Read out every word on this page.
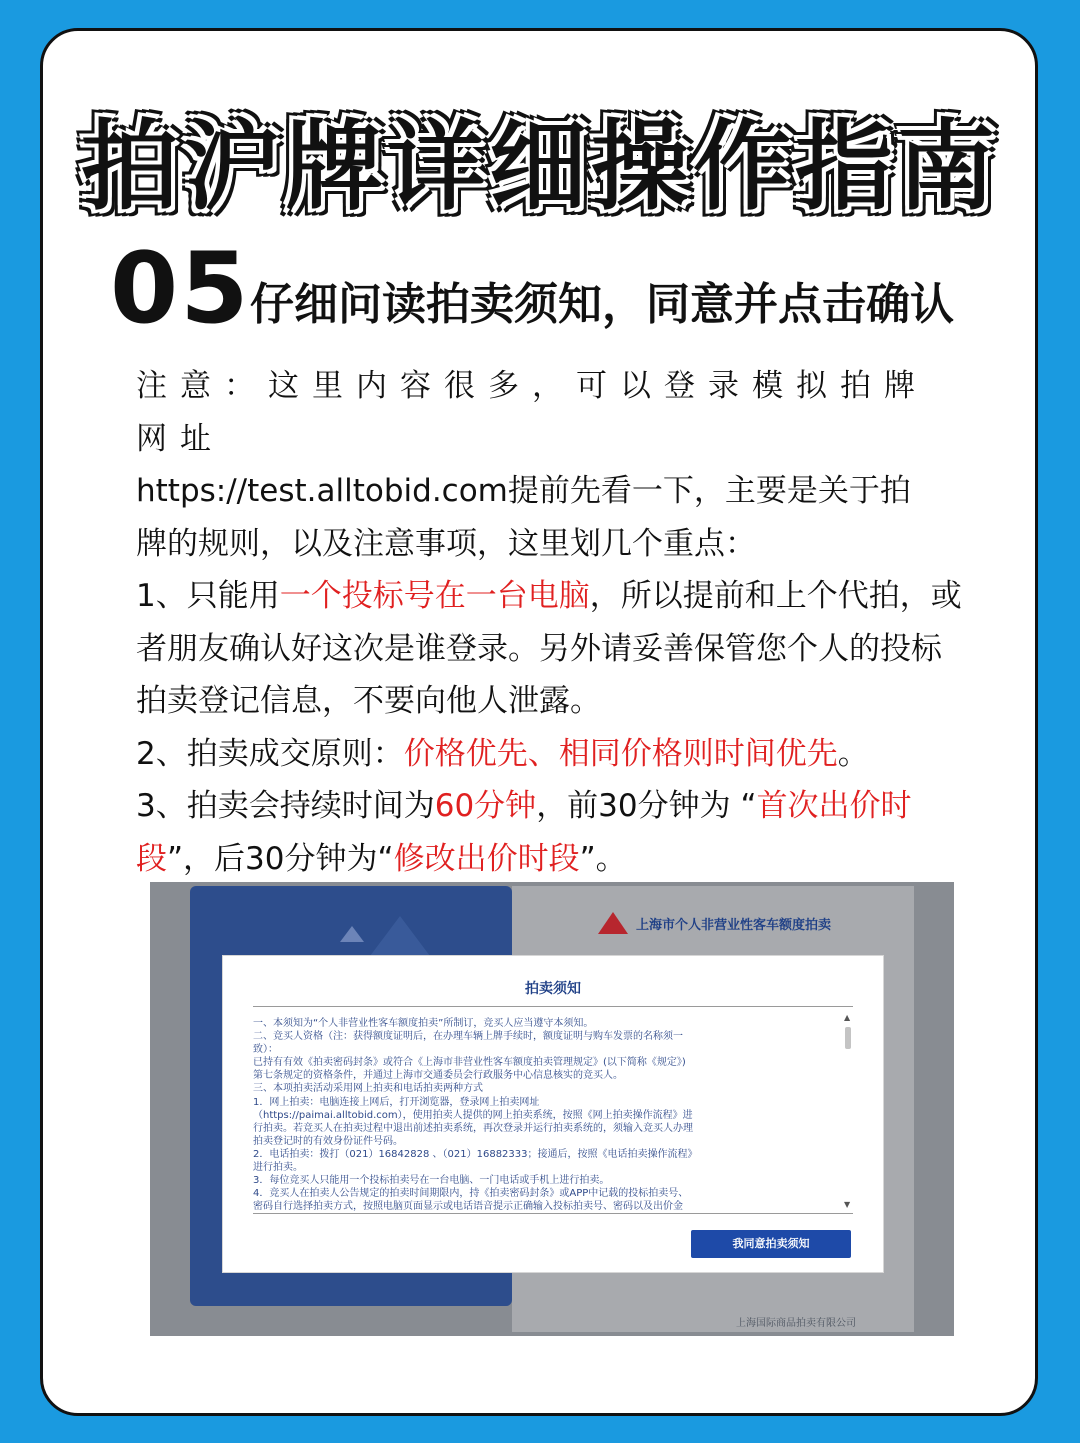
拍沪牌详细操作指南
05 仔细问读拍卖须知，同意并点击确认

注意：这里内容很多，可以登录模拟拍牌网址

https://test.alltobid.com提前先看一下，主要是关于拍

牌的规则，以及注意事项，这里划几个重点：

1、只能用一个投标号在一台电脑，所以提前和上个代拍，或者朋友确认好这次是谁登录。另外请妥善保管您个人的投标拍卖登记信息，不要向他人泄露。

2、拍卖成交原则：价格优先、相同价格则时间优先。

3、拍卖会持续时间为60分钟，前30分钟为 “首次出价时段”，后30分钟为“修改出价时段”。

上海市个人非营业性客车额度拍卖
上海国际商品拍卖有限公司
拍卖须知
一、本须知为“个人非营业性客车额度拍卖”所制订，竞买人应当遵守本须知。
二、竞买人资格（注：获得额度证明后，在办理车辆上牌手续时，额度证明与购车发票的名称须一
致）：
已持有有效《拍卖密码封条》或符合《上海市非营业性客车额度拍卖管理规定》(以下简称《规定》)
第七条规定的资格条件，并通过上海市交通委员会行政服务中心信息核实的竞买人。
三、本项拍卖活动采用网上拍卖和电话拍卖两种方式
1．网上拍卖：电脑连接上网后，打开浏览器，登录网上拍卖网址
（https://paimai.alltobid.com），使用拍卖人提供的网上拍卖系统，按照《网上拍卖操作流程》进
行拍卖。若竞买人在拍卖过程中退出前述拍卖系统，再次登录并运行拍卖系统的，须输入竞买人办理
拍卖登记时的有效身份证件号码。
2．电话拍卖：拨打（021）16842828 、（021）16882333；接通后，按照《电话拍卖操作流程》
进行拍卖。
3．每位竞买人只能用一个投标拍卖号在一台电脑、一门电话或手机上进行拍卖。
4．竞买人在拍卖人公告规定的拍卖时间期限内，持《拍卖密码封条》或APP中记载的投标拍卖号、
密码自行选择拍卖方式，按照电脑页面显示或电话语音提示正确输入投标拍卖号、密码以及出价金
▲
▼
我同意拍卖须知
